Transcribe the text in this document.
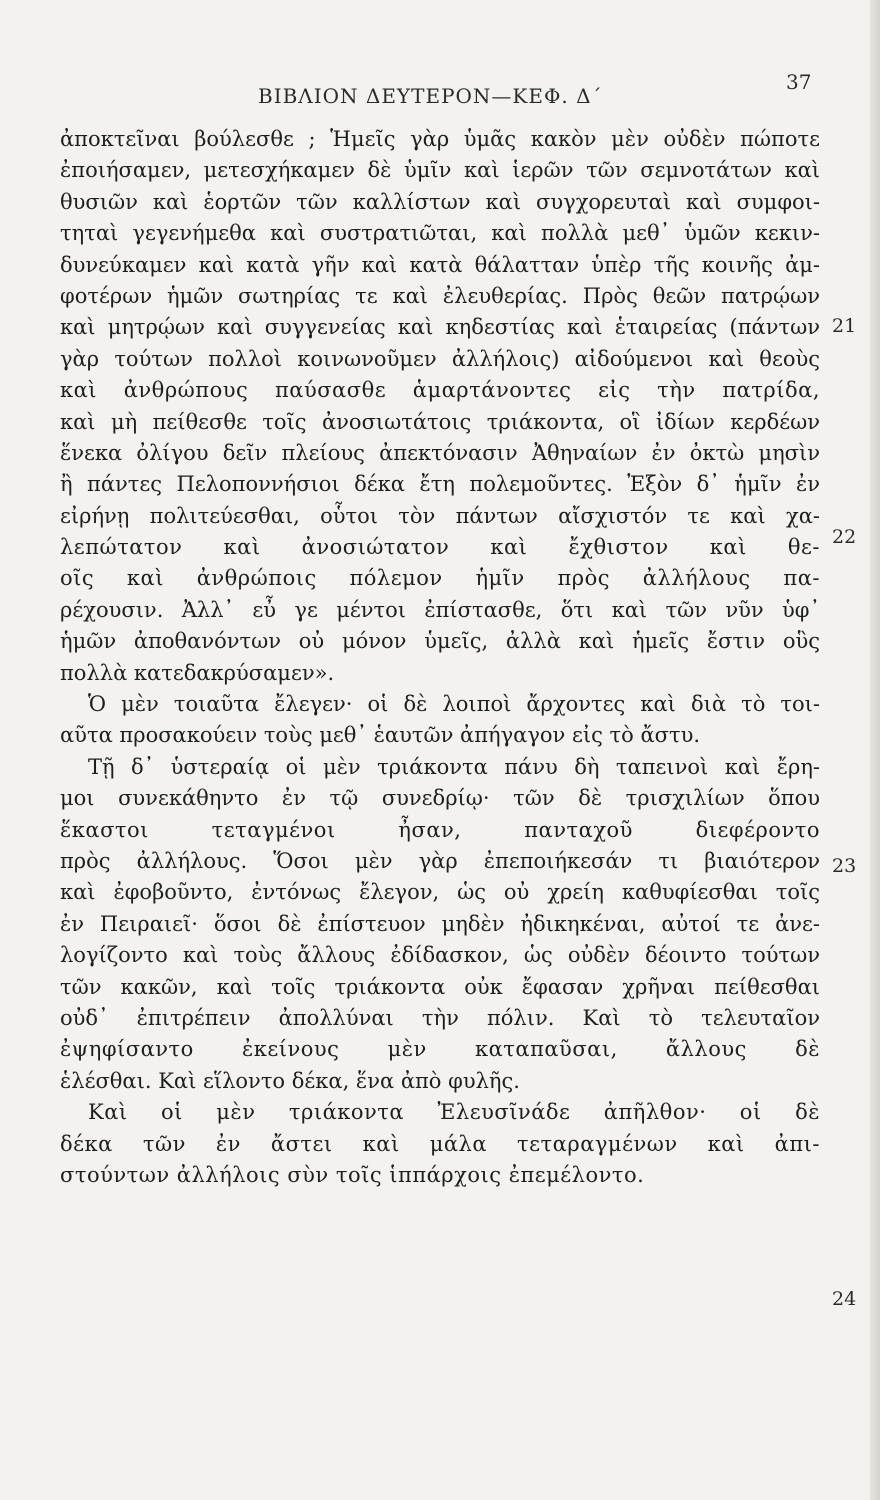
ΒΙΒΛΙΟΝ ΔΕΥΤΕΡΟΝ—ΚΕΦ. Δ΄
37
ἀποκτεῖναι βούλεσθε ; Ἡμεῖς γὰρ ὑμᾶς κακὸν μὲν οὐδὲν πώποτε
ἐποιήσαμεν, μετεσχήκαμεν δὲ ὑμῖν καὶ ἱερῶν τῶν σεμνοτάτων καὶ
θυσιῶν καὶ ἑορτῶν τῶν καλλίστων καὶ συγχορευταὶ καὶ συμφοι-
τηταὶ γεγενήμεθα καὶ συστρατιῶται, καὶ πολλὰ μεθ᾽ ὑμῶν κεκιν-
δυνεύκαμεν καὶ κατὰ γῆν καὶ κατὰ θάλατταν ὑπὲρ τῆς κοινῆς ἀμ-
φοτέρων ἡμῶν σωτηρίας τε καὶ ἐλευθερίας. Πρὸς θεῶν πατρῴων
καὶ μητρῴων καὶ συγγενείας καὶ κηδεστίας καὶ ἑταιρείας (πάντων
γὰρ τούτων πολλοὶ κοινωνοῦμεν ἀλλήλοις) αἰδούμενοι καὶ θεοὺς
καὶ ἀνθρώπους παύσασθε ἁμαρτάνοντες εἰς τὴν πατρίδα,
καὶ μὴ πείθεσθε τοῖς ἀνοσιωτάτοις τριάκοντα, οἳ ἰδίων κερδέων
ἕνεκα ὀλίγου δεῖν πλείους ἀπεκτόνασιν Ἀθηναίων ἐν ὀκτὼ μησὶν
ἢ πάντες Πελοποννήσιοι δέκα ἔτη πολεμοῦντες. Ἐξὸν δ᾽ ἡμῖν ἐν
εἰρήνῃ πολιτεύεσθαι, οὗτοι τὸν πάντων αἴσχιστόν τε καὶ χα-
λεπώτατον καὶ ἀνοσιώτατον καὶ ἔχθιστον καὶ θε-
οῖς καὶ ἀνθρώποις πόλεμον ἡμῖν πρὸς ἀλλήλους πα-
ρέχουσιν. Ἀλλ᾽ εὖ γε μέντοι ἐπίστασθε, ὅτι καὶ τῶν νῦν ὑφ᾽
ἡμῶν ἀποθανόντων οὐ μόνον ὑμεῖς, ἀλλὰ καὶ ἡμεῖς ἔστιν οὓς
πολλὰ κατεδακρύσαμεν».
Ὁ μὲν τοιαῦτα ἔλεγεν· οἱ δὲ λοιποὶ ἄρχοντες καὶ διὰ τὸ τοι-
αῦτα προσακούειν τοὺς μεθ᾽ ἑαυτῶν ἀπήγαγον εἰς τὸ ἄστυ.
Τῇ δ᾽ ὑστεραίᾳ οἱ μὲν τριάκοντα πάνυ δὴ ταπεινοὶ καὶ ἔρη-
μοι συνεκάθηντο ἐν τῷ συνεδρίῳ· τῶν δὲ τρισχιλίων ὅπου
ἕκαστοι τεταγμένοι ἦσαν, πανταχοῦ διεφέροντο
πρὸς ἀλλήλους. Ὅσοι μὲν γὰρ ἐπεποιήκεσάν τι βιαιότερον
καὶ ἐφοβοῦντο, ἐντόνως ἔλεγον, ὡς οὐ χρείη καθυφίεσθαι τοῖς
ἐν Πειραιεῖ· ὅσοι δὲ ἐπίστευον μηδὲν ἠδικηκέναι, αὐτοί τε ἀνε-
λογίζοντο καὶ τοὺς ἄλλους ἐδίδασκον, ὡς οὐδὲν δέοιντο τούτων
τῶν κακῶν, καὶ τοῖς τριάκοντα οὐκ ἔφασαν χρῆναι πείθεσθαι
οὐδ᾽ ἐπιτρέπειν ἀπολλύναι τὴν πόλιν. Καὶ τὸ τελευταῖον
ἐψηφίσαντο ἐκείνους μὲν καταπαῦσαι, ἄλλους δὲ
ἑλέσθαι. Καὶ εἵλοντο δέκα, ἕνα ἀπὸ φυλῆς.
Καὶ οἱ μὲν τριάκοντα Ἐλευσῖνάδε ἀπῆλθον· οἱ δὲ
δέκα τῶν ἐν ἄστει καὶ μάλα τεταραγμένων καὶ ἀπι-
στούντων ἀλλήλοις σὺν τοῖς ἱππάρχοις ἐπεμέλοντο.
21
22
23
24
